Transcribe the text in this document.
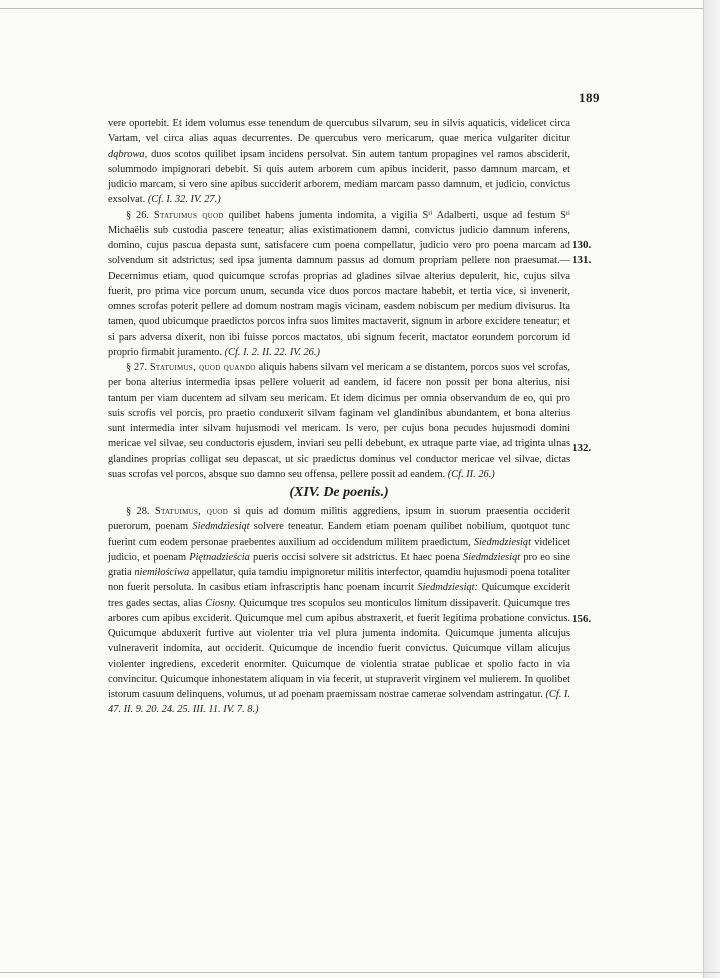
189

vere oportebit. Et idem volumus esse tenendum de quercubus silvarum, seu in silvis aquaticis, videlicet circa Vartam, vel circa alias aquas decurrentes. De quercubus vero mericarum, quae merica vulgariter dicitur dąbrowa, duos scotos quilibet ipsam incidens persolvat. Sin autem tantum propagines vel ramos absciderit, solummodo impignorari debebit. Si quis autem arborem cum apibus inciderit, passo damnum marcam, et judicio marcam, si vero sine apibus succiderit arborem, mediam marcam passo damnum, et judicio, convictus exsolvat. (Cf. I. 32. IV. 27.)

§ 26. Statuimus quod quilibet habens jumenta indomita, a vigilia Sᵗⁱ Adalberti, usque ad festum Sᵗⁱ Michaëlis sub custodia pascere teneatur; alias existimationem damni, convictus judicio damnum inferens, domino, cujus pascua depasta sunt, satisfacere cum poena compellatur, judicio vero pro poena marcam ad solvendum sit adstrictus; sed ipsa jumenta damnum passus ad domum propriam pellere non praesumat.— Decernimus etiam, quod quicumque scrofas proprias ad gladines silvae alterius depulerit, hic, cujus silva fuerit, pro prima vice porcum unum, secunda vice duos porcos mactare habebit, et tertia vice, si invenerit, omnes scrofas poterit pellere ad domum nostram magis vicinam, easdem nobiscum per medium divisurus. Ita tamen, quod ubicumque praedictos porcos infra suos limites mactaverit, signum in arbore excidere teneatur; et si pars adversa dixerit, non ibi fuisse porcos mactatos, ubi signum fecerit, mactator eorundem porcorum id proprio firmabit juramento. (Cf. I. 2. II. 22. IV. 26.)

§ 27. Statuimus, quod quando aliquis habens silvam vel mericam a se distantem, porcos suos vel scrofas, per bona alterius intermedia ipsas pellere voluerit ad eandem, id facere non possit per bona alterius, nisi tantum per viam ducentem ad silvam seu mericam. Et idem dicimus per omnia observandum de eo, qui pro suis scrofis vel porcis, pro praetio conduxerit silvam faginam vel glandinibus abundantem, et bona alterius sunt intermedia inter silvam hujusmodi vel mericam. Is vero, per cujus bona pecudes hujusmodi domini mericae vel silvae, seu conductoris ejusdem, inviari seu pelli debebunt, ex utraque parte viae, ad triginta ulnas glandines proprias colligat seu depascat, ut sic praedictus dominus vel conductor mericae vel silvae, dictas suas scrofas vel porcos, absque suo damno seu offensa, pellere possit ad eandem. (Cf. II. 26.)

(XIV. De poenis.)

§ 28. Statuimus, quod si quis ad domum militis aggrediens, ipsum in suorum praesentia occiderit puerorum, poenam Siedmdziesiąt solvere teneatur. Eandem etiam poenam quilibet nobilium, quotquot tunc fuerint cum eodem personae praebentes auxilium ad occidendum militem praedictum, Siedmdziesiąt videlicet judicio, et poenam Piętnadzieścia pueris occisi solvere sit adstrictus. Et haec poena Siedmdziesiąt pro eo sine gratia niemiłościwa appellatur, quia tamdiu impignoretur militis interfector, quamdiu hujusmodi poena totaliter non fuerit persoluta. In casibus etiam infrascriptis hanc poenam incurrit Siedmdziesiąt: Quicumque exciderit tres gades sectas, alias Ciosny. Quicumque tres scopulos seu monticulos limitum dissipaverit. Quicumque tres arbores cum apibus exciderit. Quicumque mel cum apibus abstraxerit, et fuerit legitima probatione convictus. Quicumque abduxerit furtive aut violenter tria vel plura jumenta indomita. Quicumque jumenta alicujus vulneraverit indomita, aut occiderit. Quicumque de incendio fuerit convictus. Quicumque villam alicujus violenter ingrediens, excederit enormiter. Quicumque de violentia stratae publicae et spolio facto in via convincitur. Quicumque inhonestatem aliquam in via fecerit, ut stupraverit virginem vel mulierem. In quolibet istorum casuum delinquens, volumus, ut ad poenam praemissam nostrae camerae solvendam astringatur. (Cf. I. 47. II. 9. 20. 24. 25. III. 11. IV. 7. 8.)

130.
131.
132.
156.
